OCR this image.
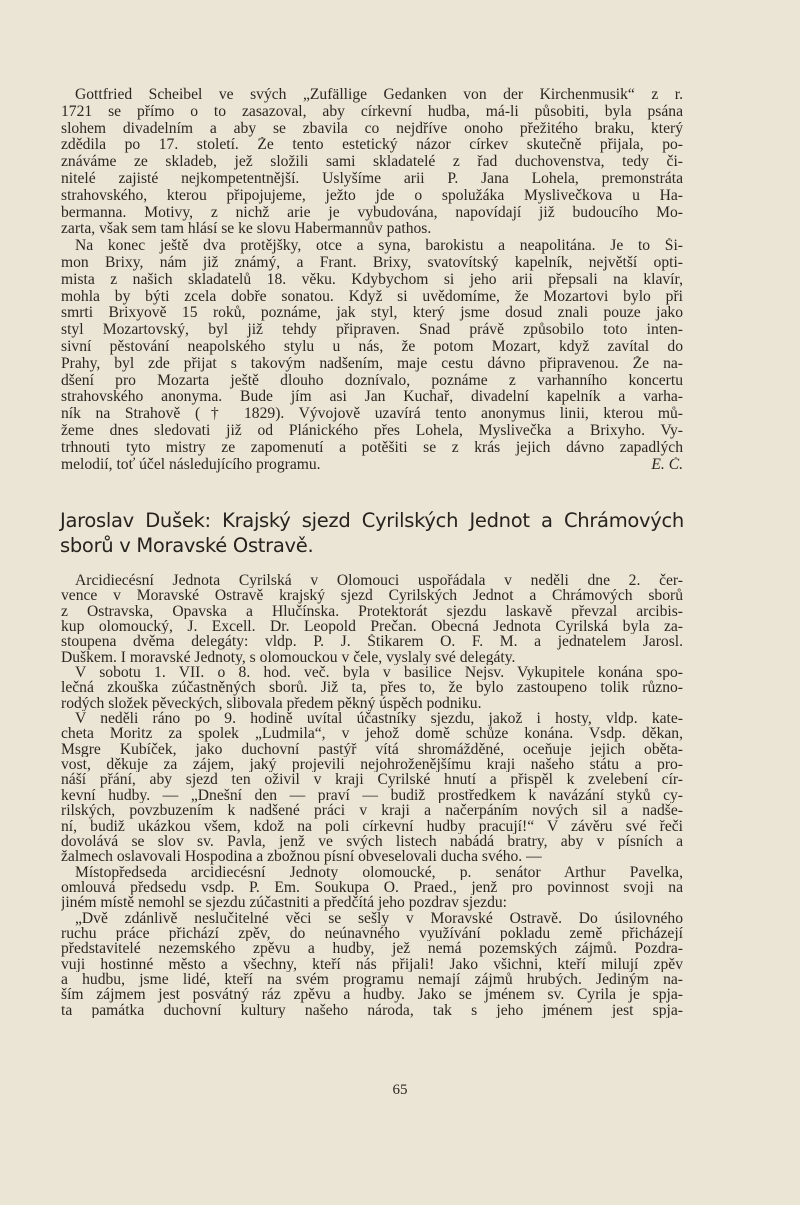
Gottfried Scheibel ve svých „Zufällige Gedanken von der Kirchenmusik“ z r.
1721 se přímo o to zasazoval, aby církevní hudba, má-li působiti, byla psána
slohem divadelním a aby se zbavila co nejdříve onoho přežitého braku, který
zdědila po 17. století. Že tento estetický názor církev skutečně přijala, po-
znáváme ze skladeb, jež složili sami skladatelé z řad duchovenstva, tedy či-
nitelé zajisté nejkompetentnější. Uslyšíme arii P. Jana Lohela, premonstráta
strahovského, kterou připojujeme, ježto jde o spolužáka Myslivečkova u Ha-
bermanna. Motivy, z nichž arie je vybudována, napovídají již budoucího Mo-
zarta, však sem tam hlásí se ke slovu Habermannův pathos.
Na konec ještě dva protějšky, otce a syna, barokistu a neapolitána. Je to Ši-
mon Brixy, nám již známý, a Frant. Brixy, svatovítský kapelník, největší opti-
mista z našich skladatelů 18. věku. Kdybychom si jeho arii přepsali na klavír,
mohla by býti zcela dobře sonatou. Když si uvědomíme, že Mozartovi bylo při
smrti Brixyově 15 roků, poznáme, jak styl, který jsme dosud znali pouze jako
styl Mozartovský, byl již tehdy připraven. Snad právě způsobilo toto inten-
sivní pěstování neapolského stylu u nás, že potom Mozart, když zavítal do
Prahy, byl zde přijat s takovým nadšením, maje cestu dávno připravenou. Že na-
dšení pro Mozarta ještě dlouho doznívalo, poznáme z varhanního koncertu
strahovského anonyma. Bude jím asi Jan Kuchař, divadelní kapelník a varha-
ník na Strahově († 1829). Vývojově uzavírá tento anonymus linii, kterou mů-
žeme dnes sledovati již od Plánického přes Lohela, Myslivečka a Brixyho. Vy-
trhnouti tyto mistry ze zapomenutí a potěšiti se z krás jejich dávno zapadlých
melodií, toť účel následujícího programu.	E. Č.
Jaroslav Dušek: Krajský sjezd Cyrilských Jednot a Chrámových
sborů v Moravské Ostravě.
Arcidiecésní Jednota Cyrilská v Olomouci uspořádala v neděli dne 2. čer-
vence v Moravské Ostravě krajský sjezd Cyrilských Jednot a Chrámových sborů
z Ostravska, Opavska a Hlučínska. Protektorát sjezdu laskavě převzal arcibis-
kup olomoucký, J. Excell. Dr. Leopold Prečan. Obecná Jednota Cyrilská byla za-
stoupena dvěma delegáty: vldp. P. J. Štikarem O. F. M. a jednatelem Jarosl.
Duškem. I moravské Jednoty, s olomouckou v čele, vyslaly své delegáty.
V sobotu 1. VII. o 8. hod. več. byla v basilice Nejsv. Vykupitele konána spo-
lečná zkouška zúčastněných sborů. Již ta, přes to, že bylo zastoupeno tolik různo-
rodých složek pěveckých, slibovala předem pěkný úspěch podniku.
V neděli ráno po 9. hodině uvítal účastníky sjezdu, jakož i hosty, vldp. kate-
cheta Moritz za spolek „Ludmila“, v jehož domě schůze konána. Vsdp. děkan,
Msgre Kubíček, jako duchovní pastýř vítá shromážděné, oceňuje jejich oběta-
vost, děkuje za zájem, jaký projevili nejohroženějšímu kraji našeho státu a pro-
náší přání, aby sjezd ten oživil v kraji Cyrilské hnutí a přispěl k zvelebení cír-
kevní hudby. — „Dnešní den — praví — budiž prostředkem k navázání styků cy-
rilských, povzbuzením k nadšené práci v kraji a načerpáním nových sil a nadše-
ní, budiž ukázkou všem, kdož na poli církevní hudby pracují!“ V závěru své řeči
dovolává se slov sv. Pavla, jenž ve svých listech nabádá bratry, aby v písních a
žalmech oslavovali Hospodina a zbožnou písní obveselovali ducha svého. —
Místopředseda arcidiecésní Jednoty olomoucké, p. senátor Arthur Pavelka,
omlouvá předsedu vsdp. P. Em. Soukupa O. Praed., jenž pro povinnost svoji na
jiném místě nemohl se sjezdu zúčastniti a předčítá jeho pozdrav sjezdu:
„Dvě zdánlivě neslučitelné věci se sešly v Moravské Ostravě. Do úsilovného
ruchu práce přichází zpěv, do neúnavného využívání pokladu země přicházejí
představitelé nezemského zpěvu a hudby, jež nemá pozemských zájmů. Pozdra-
vuji hostinné město a všechny, kteří nás přijali! Jako všichni, kteří milují zpěv
a hudbu, jsme lidé, kteří na svém programu nemají zájmů hrubých. Jediným na-
ším zájmem jest posvátný ráz zpěvu a hudby. Jako se jménem sv. Cyrila je spja-
ta památka duchovní kultury našeho národa, tak s jeho jménem jest spja-
65
